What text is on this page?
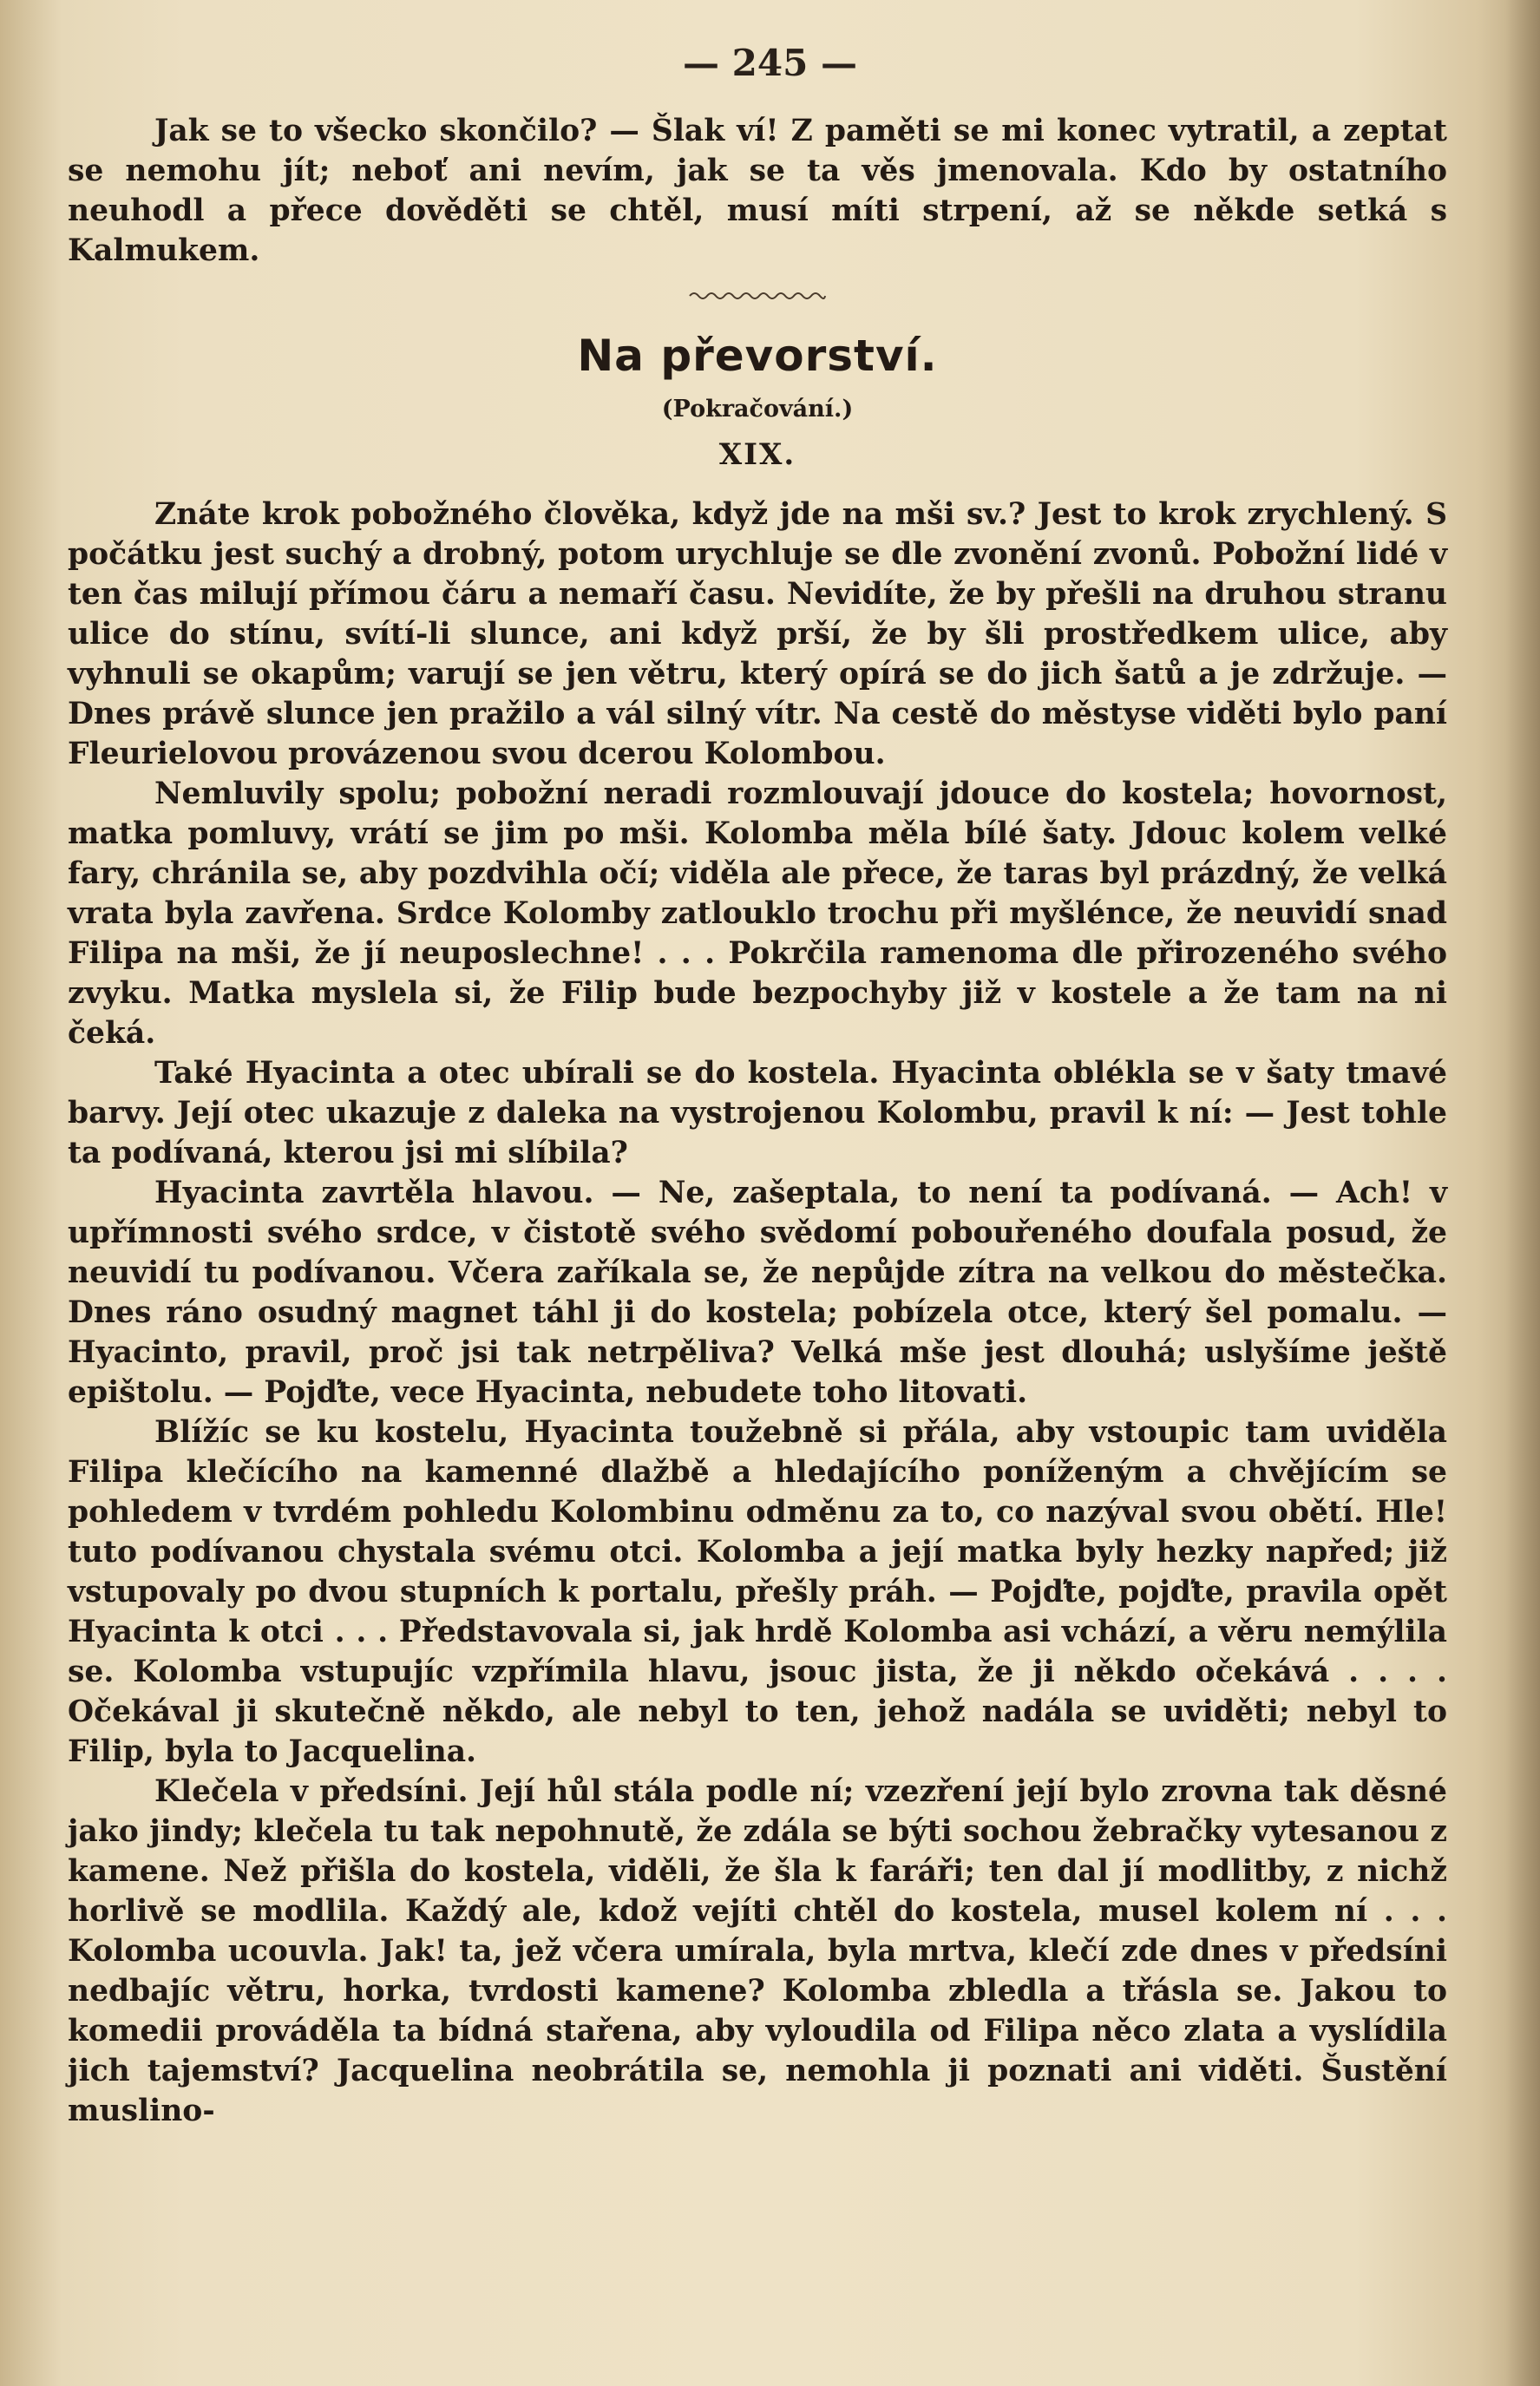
— 245 —

Jak se to všecko skončilo? — Šlak ví! Z paměti se mi konec vytratil, a zeptat se nemohu jít; neboť ani nevím, jak se ta věs jmenovala. Kdo by ostatního neuhodl a přece dověděti se chtěl, musí míti strpení, až se někde setká s Kalmukem.

Na převorství.
(Pokračování.)
XIX.

Znáte krok pobožného člověka, když jde na mši sv.? Jest to krok zrychlený. S počátku jest suchý a drobný, potom urychluje se dle zvonění zvonů. Pobožní lidé v ten čas milují přímou čáru a nemaří času. Nevidíte, že by přešli na druhou stranu ulice do stínu, svítí-li slunce, ani když prší, že by šli prostředkem ulice, aby vyhnuli se okapům; varují se jen větru, který opírá se do jich šatů a je zdržuje. — Dnes právě slunce jen pražilo a vál silný vítr. Na cestě do městyse viděti bylo paní Fleurielovou provázenou svou dcerou Kolombou.

Nemluvily spolu; pobožní neradi rozmlouvají jdouce do kostela; hovornost, matka pomluvy, vrátí se jim po mši. Kolomba měla bílé šaty. Jdouc kolem velké fary, chránila se, aby pozdvihla očí; viděla ale přece, že taras byl prázdný, že velká vrata byla zavřena. Srdce Kolomby zatlouklo trochu při myšlénce, že neuvidí snad Filipa na mši, že jí neuposlechne! . . . Pokrčila ramenoma dle přirozeného svého zvyku. Matka myslela si, že Filip bude bezpochyby již v kostele a že tam na ni čeká.

Také Hyacinta a otec ubírali se do kostela. Hyacinta oblékla se v šaty tmavé barvy. Její otec ukazuje z daleka na vystrojenou Kolombu, pravil k ní: — Jest tohle ta podívaná, kterou jsi mi slíbila?

Hyacinta zavrtěla hlavou. — Ne, zašeptala, to není ta podívaná. — Ach! v upřímnosti svého srdce, v čistotě svého svědomí pobouřeného doufala posud, že neuvidí tu podívanou. Včera zaříkala se, že nepůjde zítra na velkou do městečka. Dnes ráno osudný magnet táhl ji do kostela; pobízela otce, který šel pomalu. — Hyacinto, pravil, proč jsi tak netrpěliva? Velká mše jest dlouhá; uslyšíme ještě epištolu. — Pojďte, vece Hyacinta, nebudete toho litovati.

Blížíc se ku kostelu, Hyacinta toužebně si přála, aby vstoupic tam uviděla Filipa klečícího na kamenné dlažbě a hledajícího poníženým a chvějícím se pohledem v tvrdém pohledu Kolombinu odměnu za to, co nazýval svou obětí. Hle! tuto podívanou chystala svému otci. Kolomba a její matka byly hezky napřed; již vstupovaly po dvou stupních k portalu, přešly práh. — Pojďte, pojďte, pravila opět Hyacinta k otci . . . Představovala si, jak hrdě Kolomba asi vchází, a věru nemýlila se. Kolomba vstupujíc vzpřímila hlavu, jsouc jista, že ji někdo očekává . . . . Očekával ji skutečně někdo, ale nebyl to ten, jehož nadála se uviděti; nebyl to Filip, byla to Jacquelina.

Klečela v předsíni. Její hůl stála podle ní; vzezření její bylo zrovna tak děsné jako jindy; klečela tu tak nepohnutě, že zdála se býti sochou žebračky vytesanou z kamene. Než přišla do kostela, viděli, že šla k faráři; ten dal jí modlitby, z nichž horlivě se modlila. Každý ale, kdož vejíti chtěl do kostela, musel kolem ní . . . Kolomba ucouvla. Jak! ta, jež včera umírala, byla mrtva, klečí zde dnes v předsíni nedbajíc větru, horka, tvrdosti kamene? Kolomba zbledla a třásla se. Jakou to komedii prováděla ta bídná stařena, aby vyloudila od Filipa něco zlata a vyslídila jich tajemství? Jacquelina neobrátila se, nemohla ji poznati ani viděti. Šustění muslino-
